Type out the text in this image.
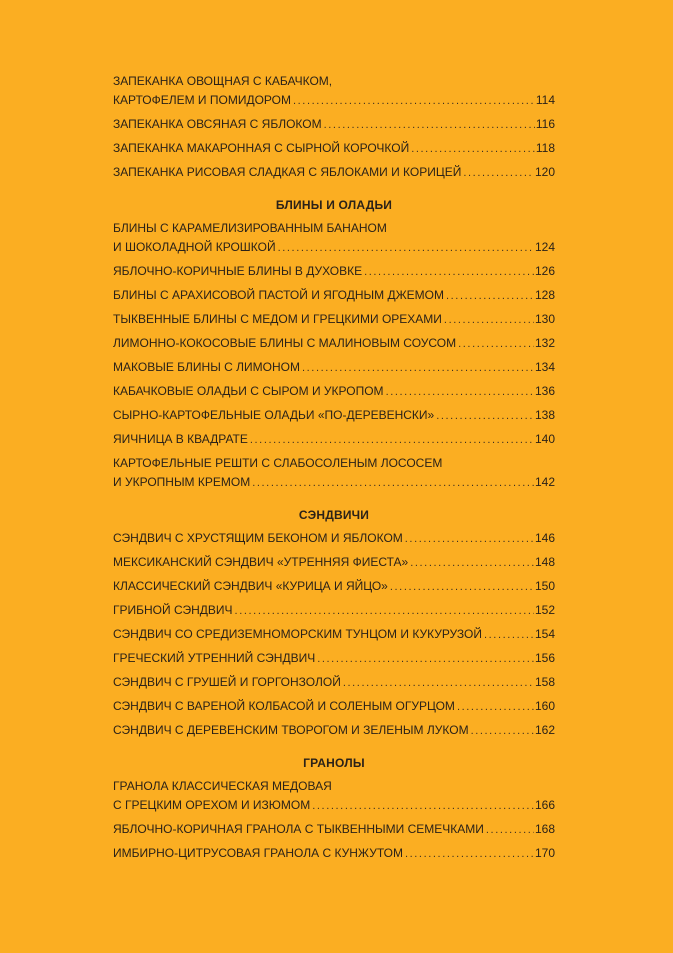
ЗАПЕКАНКА ОВОЩНАЯ С КАБАЧКОМ,
КАРТОФЕЛЕМ И ПОМИДОРОМ .....	114
ЗАПЕКАНКА ОВСЯНАЯ С ЯБЛОКОМ .....	116
ЗАПЕКАНКА МАКАРОННАЯ С СЫРНОЙ КОРОЧКОЙ .....	118
ЗАПЕКАНКА РИСОВАЯ СЛАДКАЯ С ЯБЛОКАМИ И КОРИЦЕЙ .....	120
БЛИНЫ И ОЛАДЬИ
БЛИНЫ С КАРАМЕЛИЗИРОВАННЫМ БАНАНОМ
И ШОКОЛАДНОЙ КРОШКОЙ .....	124
ЯБЛОЧНО-КОРИЧНЫЕ БЛИНЫ В ДУХОВКЕ .....	126
БЛИНЫ С АРАХИСОВОЙ ПАСТОЙ И ЯГОДНЫМ ДЖЕМОМ .....	128
ТЫКВЕННЫЕ БЛИНЫ С МЕДОМ И ГРЕЦКИМИ ОРЕХАМИ .....	130
ЛИМОННО-КОКОСОВЫЕ БЛИНЫ С МАЛИНОВЫМ СОУСОМ .....	132
МАКОВЫЕ БЛИНЫ С ЛИМОНОМ .....	134
КАБАЧКОВЫЕ ОЛАДЬИ С СЫРОМ И УКРОПОМ .....	136
СЫРНО-КАРТОФЕЛЬНЫЕ ОЛАДЬИ «ПО-ДЕРЕВЕНСКИ» .....	138
ЯИЧНИЦА В КВАДРАТЕ .....	140
КАРТОФЕЛЬНЫЕ РЕШТИ С СЛАБОСОЛЕНЫМ ЛОСОСЕМ
И УКРОПНЫМ КРЕМОМ .....	142
СЭНДВИЧИ
СЭНДВИЧ С ХРУСТЯЩИМ БЕКОНОМ И ЯБЛОКОМ .....	146
МЕКСИКАНСКИЙ СЭНДВИЧ «УТРЕННЯЯ ФИЕСТА» .....	148
КЛАССИЧЕСКИЙ СЭНДВИЧ «КУРИЦА И ЯЙЦО» .....	150
ГРИБНОЙ СЭНДВИЧ .....	152
СЭНДВИЧ СО СРЕДИЗЕМНОМОРСКИМ ТУНЦОМ И КУКУРУЗОЙ .....	154
ГРЕЧЕСКИЙ УТРЕННИЙ СЭНДВИЧ .....	156
СЭНДВИЧ С ГРУШЕЙ И ГОРГОНЗОЛОЙ .....	158
СЭНДВИЧ С ВАРЕНОЙ КОЛБАСОЙ И СОЛЕНЫМ ОГУРЦОМ .....	160
СЭНДВИЧ С ДЕРЕВЕНСКИМ ТВОРОГОМ И ЗЕЛЕНЫМ ЛУКОМ .....	162
ГРАНОЛЫ
ГРАНОЛА КЛАССИЧЕСКАЯ МЕДОВАЯ
С ГРЕЦКИМ ОРЕХОМ И ИЗЮМОМ .....	166
ЯБЛОЧНО-КОРИЧНАЯ ГРАНОЛА С ТЫКВЕННЫМИ СЕМЕЧКАМИ .....	168
ИМБИРНО-ЦИТРУСОВАЯ ГРАНОЛА С КУНЖУТОМ .....	170
